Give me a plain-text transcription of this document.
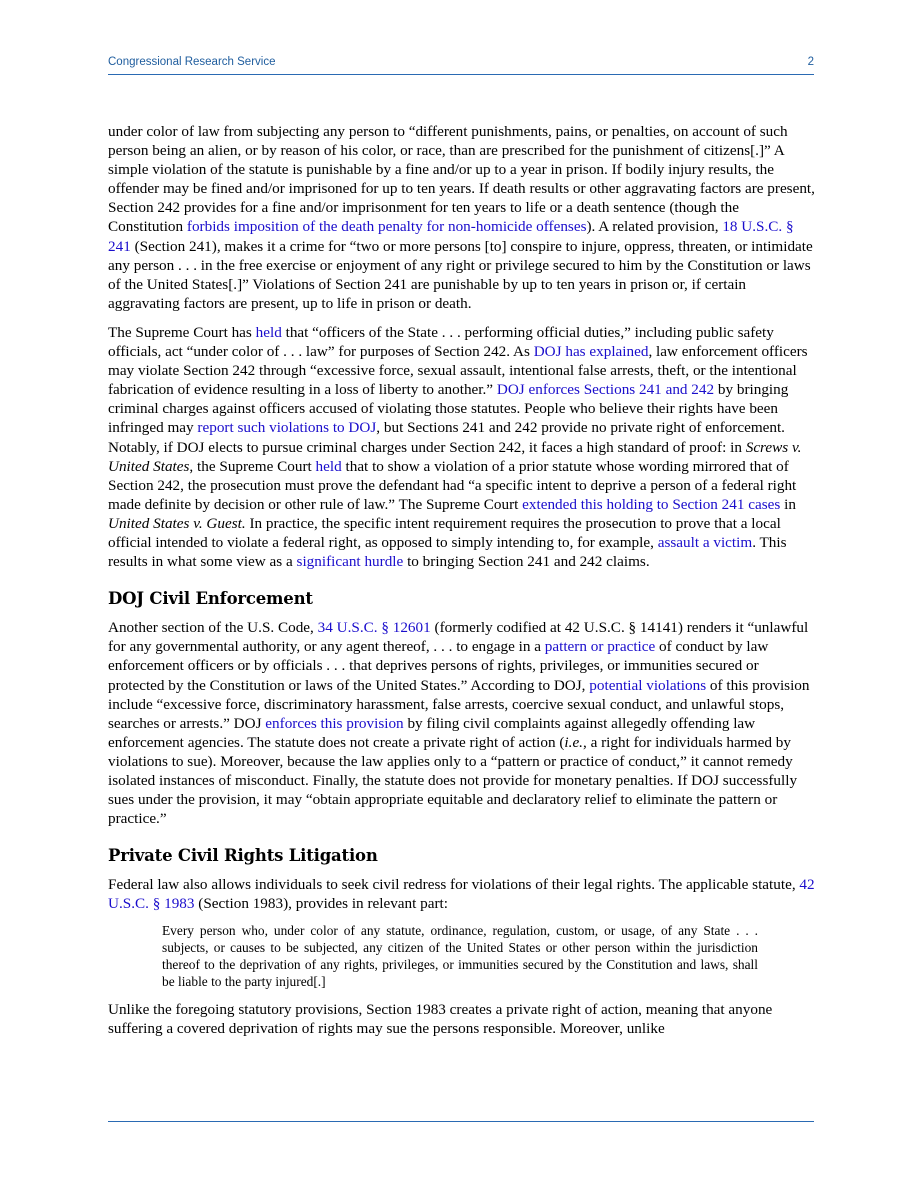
Congressional Research Service	2

under color of law from subjecting any person to “different punishments, pains, or penalties, on account of such person being an alien, or by reason of his color, or race, than are prescribed for the punishment of citizens[.]” A simple violation of the statute is punishable by a fine and/or up to a year in prison. If bodily injury results, the offender may be fined and/or imprisoned for up to ten years. If death results or other aggravating factors are present, Section 242 provides for a fine and/or imprisonment for ten years to life or a death sentence (though the Constitution forbids imposition of the death penalty for non-homicide offenses). A related provision, 18 U.S.C. § 241 (Section 241), makes it a crime for “two or more persons [to] conspire to injure, oppress, threaten, or intimidate any person . . . in the free exercise or enjoyment of any right or privilege secured to him by the Constitution or laws of the United States[.]” Violations of Section 241 are punishable by up to ten years in prison or, if certain aggravating factors are present, up to life in prison or death.

The Supreme Court has held that “officers of the State . . . performing official duties,” including public safety officials, act “under color of . . . law” for purposes of Section 242. As DOJ has explained, law enforcement officers may violate Section 242 through “excessive force, sexual assault, intentional false arrests, theft, or the intentional fabrication of evidence resulting in a loss of liberty to another.” DOJ enforces Sections 241 and 242 by bringing criminal charges against officers accused of violating those statutes. People who believe their rights have been infringed may report such violations to DOJ, but Sections 241 and 242 provide no private right of enforcement. Notably, if DOJ elects to pursue criminal charges under Section 242, it faces a high standard of proof: in Screws v. United States, the Supreme Court held that to show a violation of a prior statute whose wording mirrored that of Section 242, the prosecution must prove the defendant had “a specific intent to deprive a person of a federal right made definite by decision or other rule of law.” The Supreme Court extended this holding to Section 241 cases in United States v. Guest. In practice, the specific intent requirement requires the prosecution to prove that a local official intended to violate a federal right, as opposed to simply intending to, for example, assault a victim. This results in what some view as a significant hurdle to bringing Section 241 and 242 claims.

DOJ Civil Enforcement

Another section of the U.S. Code, 34 U.S.C. § 12601 (formerly codified at 42 U.S.C. § 14141) renders it “unlawful for any governmental authority, or any agent thereof, . . . to engage in a pattern or practice of conduct by law enforcement officers or by officials . . . that deprives persons of rights, privileges, or immunities secured or protected by the Constitution or laws of the United States.” According to DOJ, potential violations of this provision include “excessive force, discriminatory harassment, false arrests, coercive sexual conduct, and unlawful stops, searches or arrests.” DOJ enforces this provision by filing civil complaints against allegedly offending law enforcement agencies. The statute does not create a private right of action (i.e., a right for individuals harmed by violations to sue). Moreover, because the law applies only to a “pattern or practice of conduct,” it cannot remedy isolated instances of misconduct. Finally, the statute does not provide for monetary penalties. If DOJ successfully sues under the provision, it may “obtain appropriate equitable and declaratory relief to eliminate the pattern or practice.”

Private Civil Rights Litigation

Federal law also allows individuals to seek civil redress for violations of their legal rights. The applicable statute, 42 U.S.C. § 1983 (Section 1983), provides in relevant part:

Every person who, under color of any statute, ordinance, regulation, custom, or usage, of any State . . . subjects, or causes to be subjected, any citizen of the United States or other person within the jurisdiction thereof to the deprivation of any rights, privileges, or immunities secured by the Constitution and laws, shall be liable to the party injured[.]

Unlike the foregoing statutory provisions, Section 1983 creates a private right of action, meaning that anyone suffering a covered deprivation of rights may sue the persons responsible. Moreover, unlike
